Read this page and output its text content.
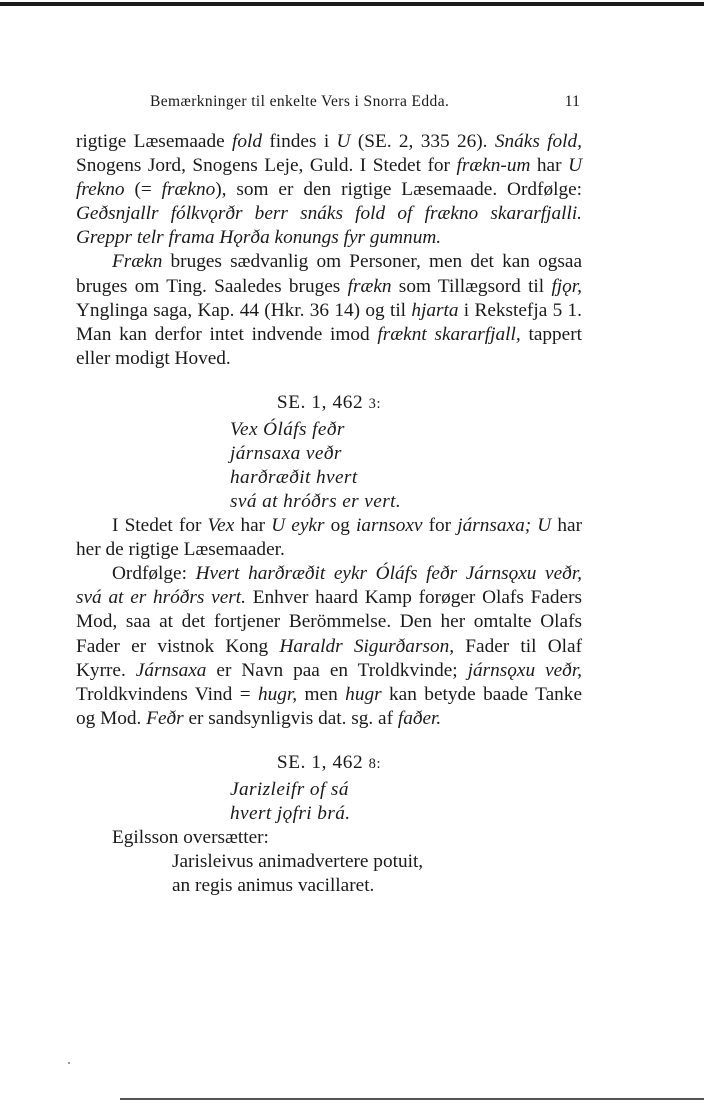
Bemærkninger til enkelte Vers i Snorra Edda.	11

rigtige Læsemaade fold findes i U (SE. 2, 335 26). Snáks fold, Snogens Jord, Snogens Leje, Guld. I Stedet for frækn-um har U frekno (= frækno), som er den rigtige Læsemaade. Ordfølge: Geðsnjallr fólkvǫrðr berr snáks fold of frækno skararfjalli. Greppr telr framа Hǫrða konungs fyr gumnum.

Frækn bruges sædvanlig om Personer, men det kan ogsaa bruges om Ting. Saaledes bruges frækn som Tillægsord til fjǫr, Ynglinga saga, Kap. 44 (Hkr. 36 14) og til hjarta i Rekstefja 5 1. Man kan derfor intet indvende imod fræknt skararfjall, tappert eller modigt Hoved.

SE. 1, 462 3:
Vex Óláfs feðr
járnsaxa veðr
harðræðit hvert
svá at hróðrs er vert.

I Stedet for Vex har U eykr og iarnsoxv for járnsaxa; U har her de rigtige Læsemaader.

Ordfølge: Hvert harðræðit eykr Óláfs feðr Járnsǫxu veðr, svá at er hróðrs vert. Enhver haard Kamp forøger Olafs Faders Mod, saa at det fortjener Berömmelse. Den her omtalte Olafs Fader er vistnok Kong Haraldr Sigurðarson, Fader til Olaf Kyrre. Járnsaxa er Navn paa en Troldkvinde; járnsǫxu veðr, Troldkvindens Vind = hugr, men hugr kan betyde baade Tanke og Mod. Feðr er sandsynligvis dat. sg. af faðer.

SE. 1, 462 8:
Jarizleifr of sá
hvert jǫfri brá.

Egilsson oversætter:

Jarisleivus animadvertere potuit,
an regis animus vacillaret.
